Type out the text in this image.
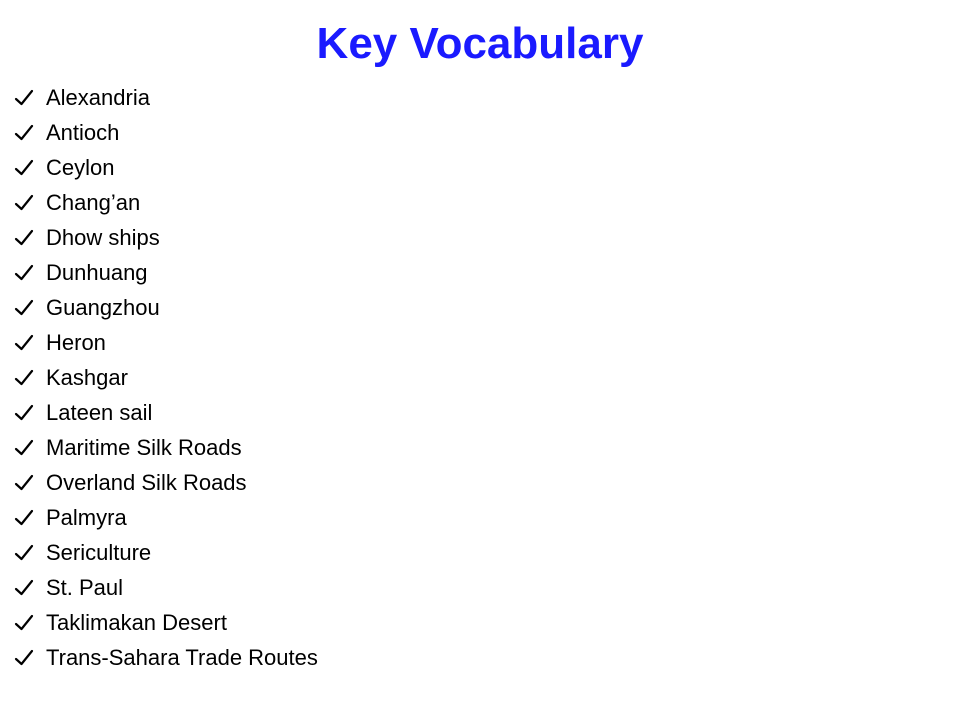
Key Vocabulary
Alexandria
Antioch
Ceylon
Chang’an
Dhow ships
Dunhuang
Guangzhou
Heron
Kashgar
Lateen sail
Maritime Silk Roads
Overland Silk Roads
Palmyra
Sericulture
St. Paul
Taklimakan Desert
Trans-Sahara Trade Routes
